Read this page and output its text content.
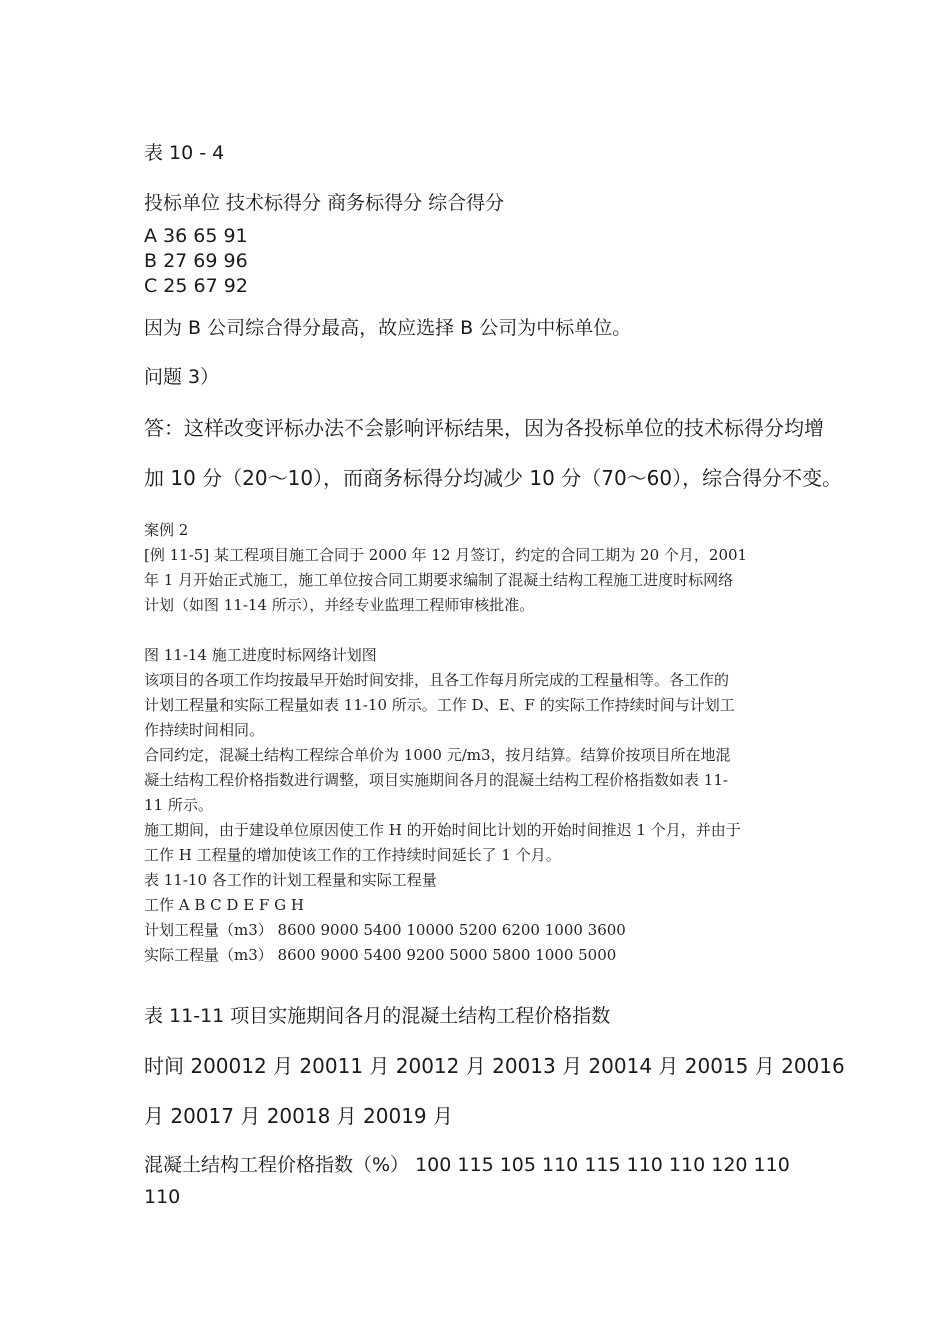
表 10 - 4
投标单位 技术标得分 商务标得分 综合得分
A 36 65 91
B 27 69 96
C 25 67 92
因为 B 公司综合得分最高，故应选择 B 公司为中标单位。
问题 3）
答：这样改变评标办法不会影响评标结果，因为各投标单位的技术标得分均增
加 10 分（20～10），而商务标得分均减少 10 分（70～60），综合得分不变。
案例 2
[例 11-5] 某工程项目施工合同于 2000 年 12 月签订，约定的合同工期为 20 个月，2001
年 1 月开始正式施工，施工单位按合同工期要求编制了混凝土结构工程施工进度时标网络
计划（如图 11-14 所示），并经专业监理工程师审核批准。
图 11-14 施工进度时标网络计划图
该项目的各项工作均按最早开始时间安排，且各工作每月所完成的工程量相等。各工作的
计划工程量和实际工程量如表 11-10 所示。工作 D、E、F 的实际工作持续时间与计划工
作持续时间相同。
合同约定，混凝土结构工程综合单价为 1000 元/m3，按月结算。结算价按项目所在地混
凝土结构工程价格指数进行调整，项目实施期间各月的混凝土结构工程价格指数如表 11-
11 所示。
施工期间，由于建设单位原因使工作 H 的开始时间比计划的开始时间推迟 1 个月，并由于
工作 H 工程量的增加使该工作的工作持续时间延长了 1 个月。
表 11-10 各工作的计划工程量和实际工程量
工作 A B C D E F G H
计划工程量（m3） 8600 9000 5400 10000 5200 6200 1000 3600
实际工程量（m3） 8600 9000 5400 9200 5000 5800 1000 5000
表 11-11 项目实施期间各月的混凝土结构工程价格指数
时间 200012 月 20011 月 20012 月 20013 月 20014 月 20015 月 20016
月 20017 月 20018 月 20019 月
混凝土结构工程价格指数（%） 100 115 105 110 115 110 110 120 110
110
